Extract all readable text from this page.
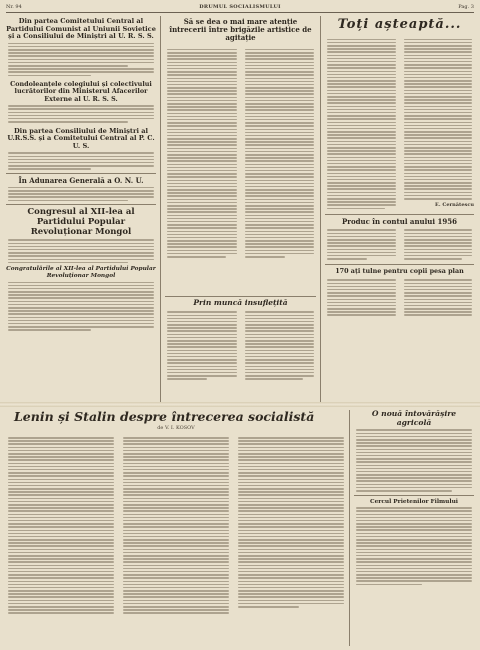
Nr. 94	DRUMUL SOCIALISMULUI	Pag. 3
Din partea Comitetului Central al Partidului Comunist al Uniunii Sovietice și a Consiliului de Miniștri al U. R. S. S.
Condoleanțele colegiului și colectivului lucrătorilor din Ministerul Afacerilor Externe al U. R. S. S.
Din partea Consiliului de Miniștri al U.R.S.S. și a Comitetului Central al P. C. U. S.
În Adunarea Generală a O. N. U.
Congresul al XII-lea al Partidului Popular Revoluționar Mongol
Congratulările al XII-lea al Partidului Popular Revoluționar Mongol
Să se dea o mai mare atenție întrecerii între brigăzile artistice de agitație
Prin muncă insuflețită
Toți așteaptă...
E. Cernătescu
Produc în contul anului 1956
170 ați tulne pentru copii pesa plan
Lenin și Stalin despre întrecerea socialistă
de V. I. KOSOV
O nouă întovărășire agricolă
Cercul Prietenilor Filmului
